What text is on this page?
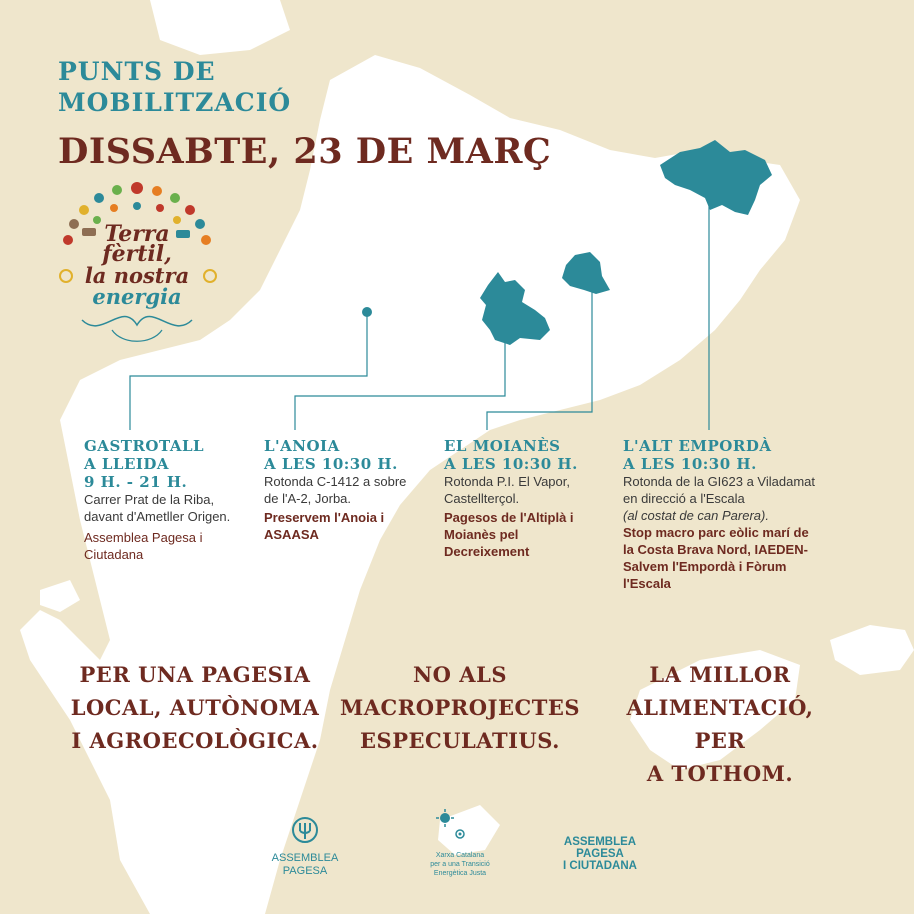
PUNTS DE
MOBILITZACIÓ
DISSABTE, 23 DE MARÇ
Terra
fèrtil,
la nostra
energia
GASTROTALL
A LLEIDA
9 H. - 21 H.
Carrer Prat de la Riba, davant d'Ametller Origen.
Assemblea Pagesa i Ciutadana
L'ANOIA
A LES 10:30 H.
Rotonda C-1412 a sobre de l'A-2, Jorba.
Preservem l'Anoia i ASAASA
EL MOIANÈS
A LES 10:30 H.
Rotonda P.I. El Vapor, Castellterçol.
Pagesos de l'Altiplà i Moianès pel Decreixement
L'ALT EMPORDÀ
A LES 10:30 H.
Rotonda de la GI623 a Viladamat en direcció a l'Escala
(al costat de can Parera).
Stop macro parc eòlic marí de la Costa Brava Nord, IAEDEN-Salvem l'Empordà i Fòrum l'Escala
PER UNA PAGESIA
LOCAL, AUTÒNOMA
I AGROECOLÒGICA.
NO ALS
MACROPROJECTES
ESPECULATIUS.
LA MILLOR
ALIMENTACIÓ, PER
A TOTHOM.
ASSEMBLEA
PAGESA
Xarxa Catalana
per a una Transició
Energètica Justa
ASSEMBLEA
PAGESA
I CIUTADANA
